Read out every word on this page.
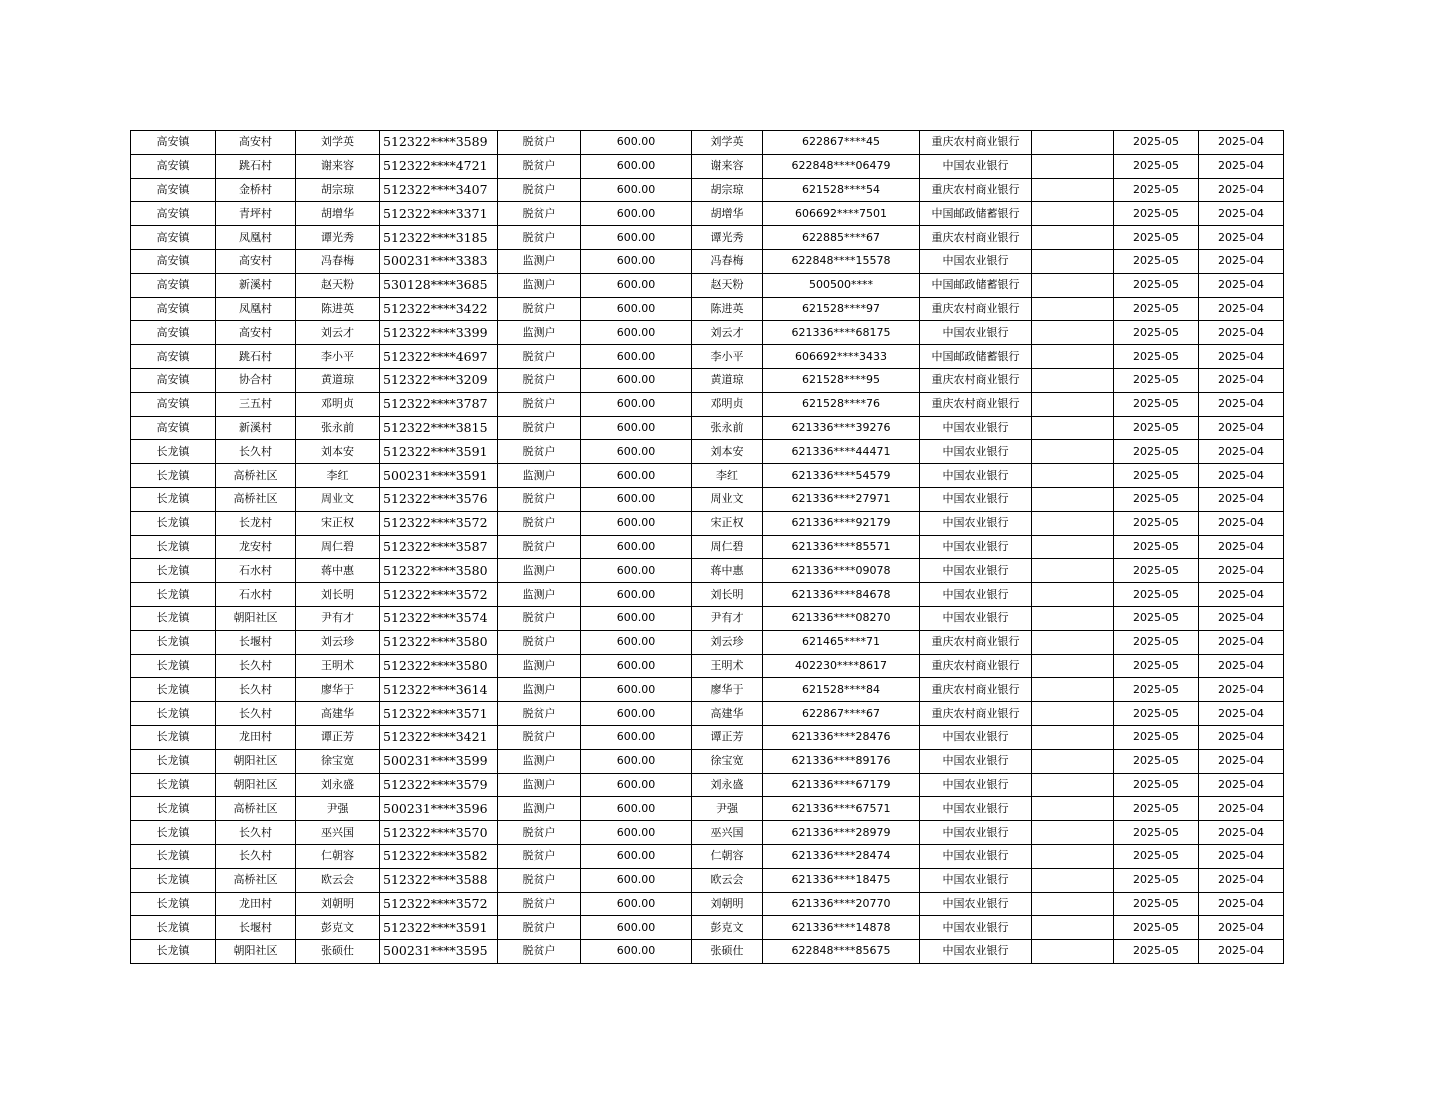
高安镇	高安村	刘学英	512322****3589	脱贫户	600.00	刘学英	622867****45	重庆农村商业银行		2025-05	2025-04
高安镇	跳石村	谢来容	512322****4721	脱贫户	600.00	谢来容	622848****06479	中国农业银行		2025-05	2025-04
高安镇	金桥村	胡宗琼	512322****3407	脱贫户	600.00	胡宗琼	621528****54	重庆农村商业银行		2025-05	2025-04
高安镇	青坪村	胡增华	512322****3371	脱贫户	600.00	胡增华	606692****7501	中国邮政储蓄银行		2025-05	2025-04
高安镇	凤凰村	谭光秀	512322****3185	脱贫户	600.00	谭光秀	622885****67	重庆农村商业银行		2025-05	2025-04
高安镇	高安村	冯春梅	500231****3383	监测户	600.00	冯春梅	622848****15578	中国农业银行		2025-05	2025-04
高安镇	新溪村	赵天粉	530128****3685	监测户	600.00	赵天粉	500500****	中国邮政储蓄银行		2025-05	2025-04
高安镇	凤凰村	陈进英	512322****3422	脱贫户	600.00	陈进英	621528****97	重庆农村商业银行		2025-05	2025-04
高安镇	高安村	刘云才	512322****3399	监测户	600.00	刘云才	621336****68175	中国农业银行		2025-05	2025-04
高安镇	跳石村	李小平	512322****4697	脱贫户	600.00	李小平	606692****3433	中国邮政储蓄银行		2025-05	2025-04
高安镇	协合村	黄道琼	512322****3209	脱贫户	600.00	黄道琼	621528****95	重庆农村商业银行		2025-05	2025-04
高安镇	三五村	邓明贞	512322****3787	脱贫户	600.00	邓明贞	621528****76	重庆农村商业银行		2025-05	2025-04
高安镇	新溪村	张永前	512322****3815	脱贫户	600.00	张永前	621336****39276	中国农业银行		2025-05	2025-04
长龙镇	长久村	刘本安	512322****3591	脱贫户	600.00	刘本安	621336****44471	中国农业银行		2025-05	2025-04
长龙镇	高桥社区	李红	500231****3591	监测户	600.00	李红	621336****54579	中国农业银行		2025-05	2025-04
长龙镇	高桥社区	周业文	512322****3576	脱贫户	600.00	周业文	621336****27971	中国农业银行		2025-05	2025-04
长龙镇	长龙村	宋正权	512322****3572	脱贫户	600.00	宋正权	621336****92179	中国农业银行		2025-05	2025-04
长龙镇	龙安村	周仁碧	512322****3587	脱贫户	600.00	周仁碧	621336****85571	中国农业银行		2025-05	2025-04
长龙镇	石水村	蒋中惠	512322****3580	监测户	600.00	蒋中惠	621336****09078	中国农业银行		2025-05	2025-04
长龙镇	石水村	刘长明	512322****3572	监测户	600.00	刘长明	621336****84678	中国农业银行		2025-05	2025-04
长龙镇	朝阳社区	尹有才	512322****3574	脱贫户	600.00	尹有才	621336****08270	中国农业银行		2025-05	2025-04
长龙镇	长堰村	刘云珍	512322****3580	脱贫户	600.00	刘云珍	621465****71	重庆农村商业银行		2025-05	2025-04
长龙镇	长久村	王明术	512322****3580	监测户	600.00	王明术	402230****8617	重庆农村商业银行		2025-05	2025-04
长龙镇	长久村	廖华于	512322****3614	监测户	600.00	廖华于	621528****84	重庆农村商业银行		2025-05	2025-04
长龙镇	长久村	高建华	512322****3571	脱贫户	600.00	高建华	622867****67	重庆农村商业银行		2025-05	2025-04
长龙镇	龙田村	谭正芳	512322****3421	脱贫户	600.00	谭正芳	621336****28476	中国农业银行		2025-05	2025-04
长龙镇	朝阳社区	徐宝宽	500231****3599	监测户	600.00	徐宝宽	621336****89176	中国农业银行		2025-05	2025-04
长龙镇	朝阳社区	刘永盛	512322****3579	监测户	600.00	刘永盛	621336****67179	中国农业银行		2025-05	2025-04
长龙镇	高桥社区	尹强	500231****3596	监测户	600.00	尹强	621336****67571	中国农业银行		2025-05	2025-04
长龙镇	长久村	巫兴国	512322****3570	脱贫户	600.00	巫兴国	621336****28979	中国农业银行		2025-05	2025-04
长龙镇	长久村	仁朝容	512322****3582	脱贫户	600.00	仁朝容	621336****28474	中国农业银行		2025-05	2025-04
长龙镇	高桥社区	欧云会	512322****3588	脱贫户	600.00	欧云会	621336****18475	中国农业银行		2025-05	2025-04
长龙镇	龙田村	刘朝明	512322****3572	脱贫户	600.00	刘朝明	621336****20770	中国农业银行		2025-05	2025-04
长龙镇	长堰村	彭克文	512322****3591	脱贫户	600.00	彭克文	621336****14878	中国农业银行		2025-05	2025-04
长龙镇	朝阳社区	张硕仕	500231****3595	脱贫户	600.00	张硕仕	622848****85675	中国农业银行		2025-05	2025-04
